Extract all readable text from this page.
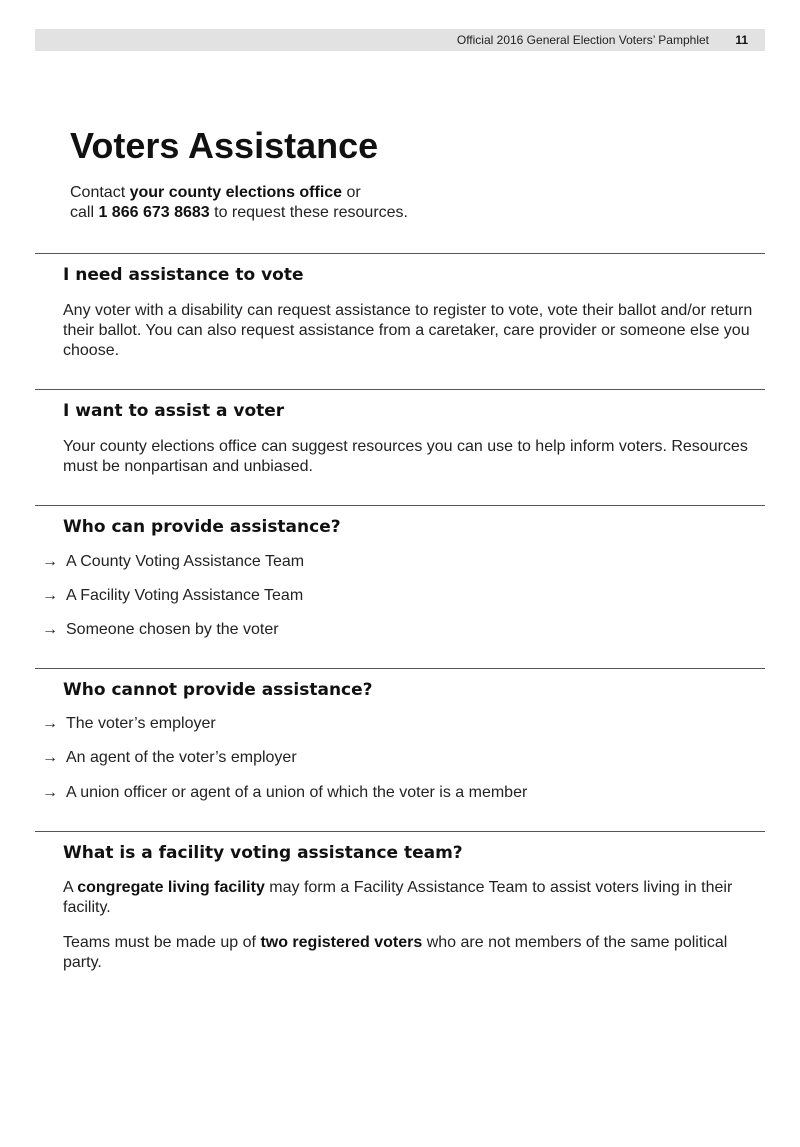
Official 2016 General Election Voters’ Pamphlet 11
Voters Assistance

Contact your county elections office or

call 1 866 673 8683 to request these resources.

I need assistance to vote

Any voter with a disability can request assistance to register to vote, vote their ballot and/or return their ballot. You can also request assistance from a caretaker, care provider or someone else you choose.

I want to assist a voter

Your county elections office can suggest resources you can use to help inform voters. Resources must be nonpartisan and unbiased.

Who can provide assistance?
→ A County Voting Assistance Team
→ A Facility Voting Assistance Team
→ Someone chosen by the voter
Who cannot provide assistance?
→ The voter’s employer
→ An agent of the voter’s employer
→ A union officer or agent of a union of which the voter is a member
What is a facility voting assistance team?

A congregate living facility may form a Facility Assistance Team to assist voters living in their facility.

Teams must be made up of two registered voters who are not members of the same political party.
